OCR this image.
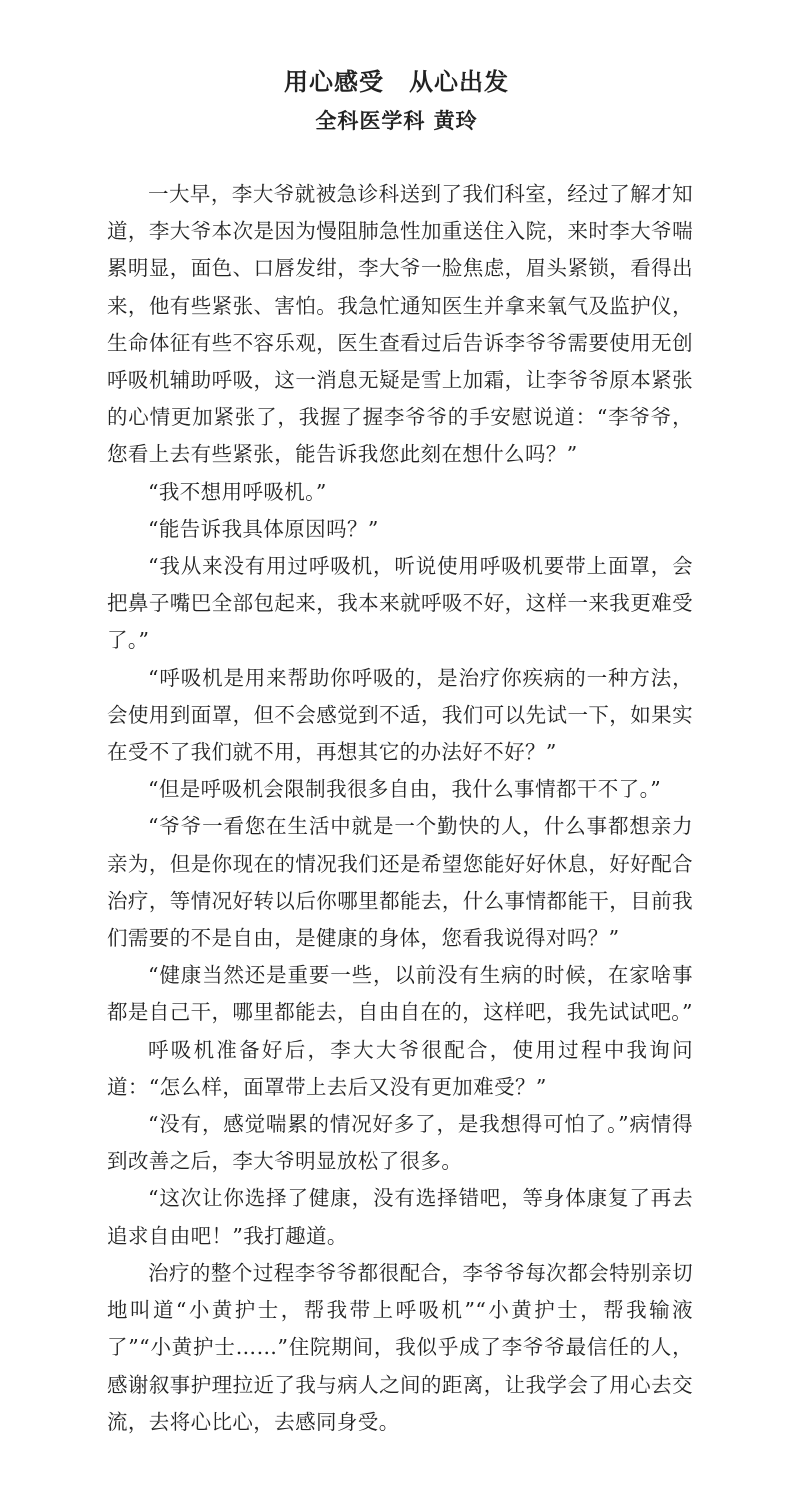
用心感受　从心出发
全科医学科 黄玲

一大早，李大爷就被急诊科送到了我们科室，经过了解才知道，李大爷本次是因为慢阻肺急性加重送住入院，来时李大爷喘累明显，面色、口唇发绀，李大爷一脸焦虑，眉头紧锁，看得出来，他有些紧张、害怕。我急忙通知医生并拿来氧气及监护仪，生命体征有些不容乐观，医生查看过后告诉李爷爷需要使用无创呼吸机辅助呼吸，这一消息无疑是雪上加霜，让李爷爷原本紧张的心情更加紧张了，我握了握李爷爷的手安慰说道：“李爷爷，您看上去有些紧张，能告诉我您此刻在想什么吗？”

“我不想用呼吸机。”

“能告诉我具体原因吗？”

“我从来没有用过呼吸机，听说使用呼吸机要带上面罩，会把鼻子嘴巴全部包起来，我本来就呼吸不好，这样一来我更难受了。”

“呼吸机是用来帮助你呼吸的，是治疗你疾病的一种方法，会使用到面罩，但不会感觉到不适，我们可以先试一下，如果实在受不了我们就不用，再想其它的办法好不好？”

“但是呼吸机会限制我很多自由，我什么事情都干不了。”

“爷爷一看您在生活中就是一个勤快的人，什么事都想亲力亲为，但是你现在的情况我们还是希望您能好好休息，好好配合治疗，等情况好转以后你哪里都能去，什么事情都能干，目前我们需要的不是自由，是健康的身体，您看我说得对吗？”

“健康当然还是重要一些，以前没有生病的时候，在家啥事都是自己干，哪里都能去，自由自在的，这样吧，我先试试吧。”

呼吸机准备好后，李大大爷很配合，使用过程中我询问道：“怎么样，面罩带上去后又没有更加难受？”

“没有，感觉喘累的情况好多了，是我想得可怕了。”病情得到改善之后，李大爷明显放松了很多。

“这次让你选择了健康，没有选择错吧，等身体康复了再去追求自由吧！”我打趣道。

治疗的整个过程李爷爷都很配合，李爷爷每次都会特别亲切地叫道“小黄护士，帮我带上呼吸机”“小黄护士，帮我输液了”“小黄护士……”住院期间，我似乎成了李爷爷最信任的人，感谢叙事护理拉近了我与病人之间的距离，让我学会了用心去交流，去将心比心，去感同身受。
